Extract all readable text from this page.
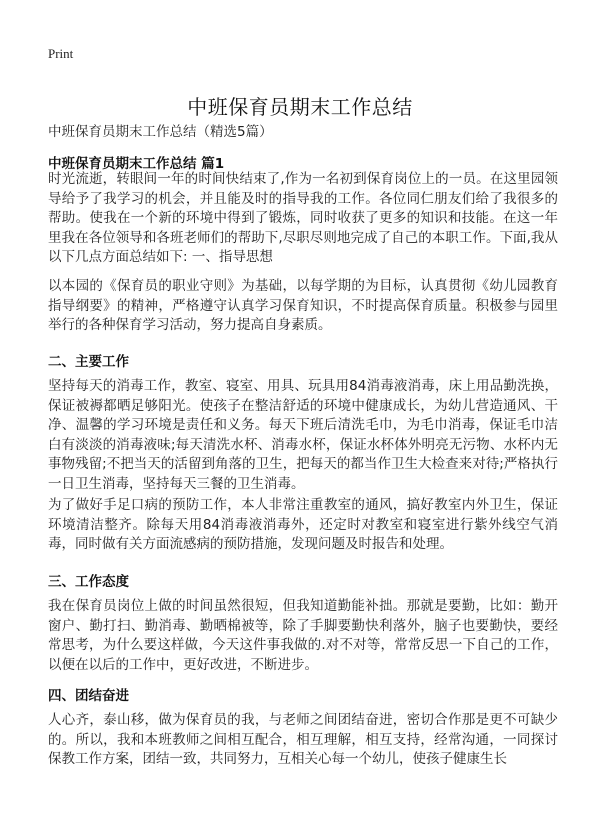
Print
中班保育员期末工作总结
中班保育员期末工作总结（精选5篇）
中班保育员期末工作总结 篇1

时光流逝，转眼间一年的时间快结束了,作为一名初到保育岗位上的一员。在这里园领导给予了我学习的机会，并且能及时的指导我的工作。各位同仁朋友们给了我很多的帮助。使我在一个新的环境中得到了锻炼，同时收获了更多的知识和技能。在这一年里我在各位领导和各班老师们的帮助下,尽职尽则地完成了自己的本职工作。下面,我从以下几点方面总结如下: 一、指导思想

以本园的《保育员的职业守则》为基础，以每学期的为目标，认真贯彻《幼儿园教育指导纲要》的精神，严格遵守认真学习保育知识，不时提高保育质量。积极参与园里举行的各种保育学习活动，努力提高自身素质。

二、主要工作

坚持每天的消毒工作，教室、寝室、用具、玩具用84消毒液消毒，床上用品勤洗换，保证被褥都晒足够阳光。使孩子在整洁舒适的环境中健康成长，为幼儿营造通风、干净、温馨的学习环境是责任和义务。每天下班后清洗毛巾，为毛巾消毒，保证毛巾洁白有淡淡的消毒液味;每天清洗水杯、消毒水杯，保证水杯体外明亮无污物、水杯内无事物残留;不把当天的活留到角落的卫生，把每天的都当作卫生大检查来对待;严格执行一日卫生消毒，坚持每天三餐的卫生消毒。

为了做好手足口病的预防工作，本人非常注重教室的通风，搞好教室内外卫生，保证环境清洁整齐。除每天用84消毒液消毒外，还定时对教室和寝室进行紫外线空气消毒，同时做有关方面流感病的预防措施，发现问题及时报告和处理。

三、工作态度

我在保育员岗位上做的时间虽然很短，但我知道勤能补拙。那就是要勤，比如：勤开窗户、勤打扫、勤消毒、勤晒棉被等，除了手脚要勤快利落外，脑子也要勤快，要经常思考，为什么要这样做，今天这件事我做的.对不对等，常常反思一下自己的工作，以便在以后的工作中，更好改进，不断进步。

四、团结奋进

人心齐，泰山移，做为保育员的我，与老师之间团结奋进，密切合作那是更不可缺少的。所以，我和本班教师之间相互配合，相互理解，相互支持，经常沟通，一同探讨保教工作方案，团结一致，共同努力，互相关心每一个幼儿，使孩子健康生长
